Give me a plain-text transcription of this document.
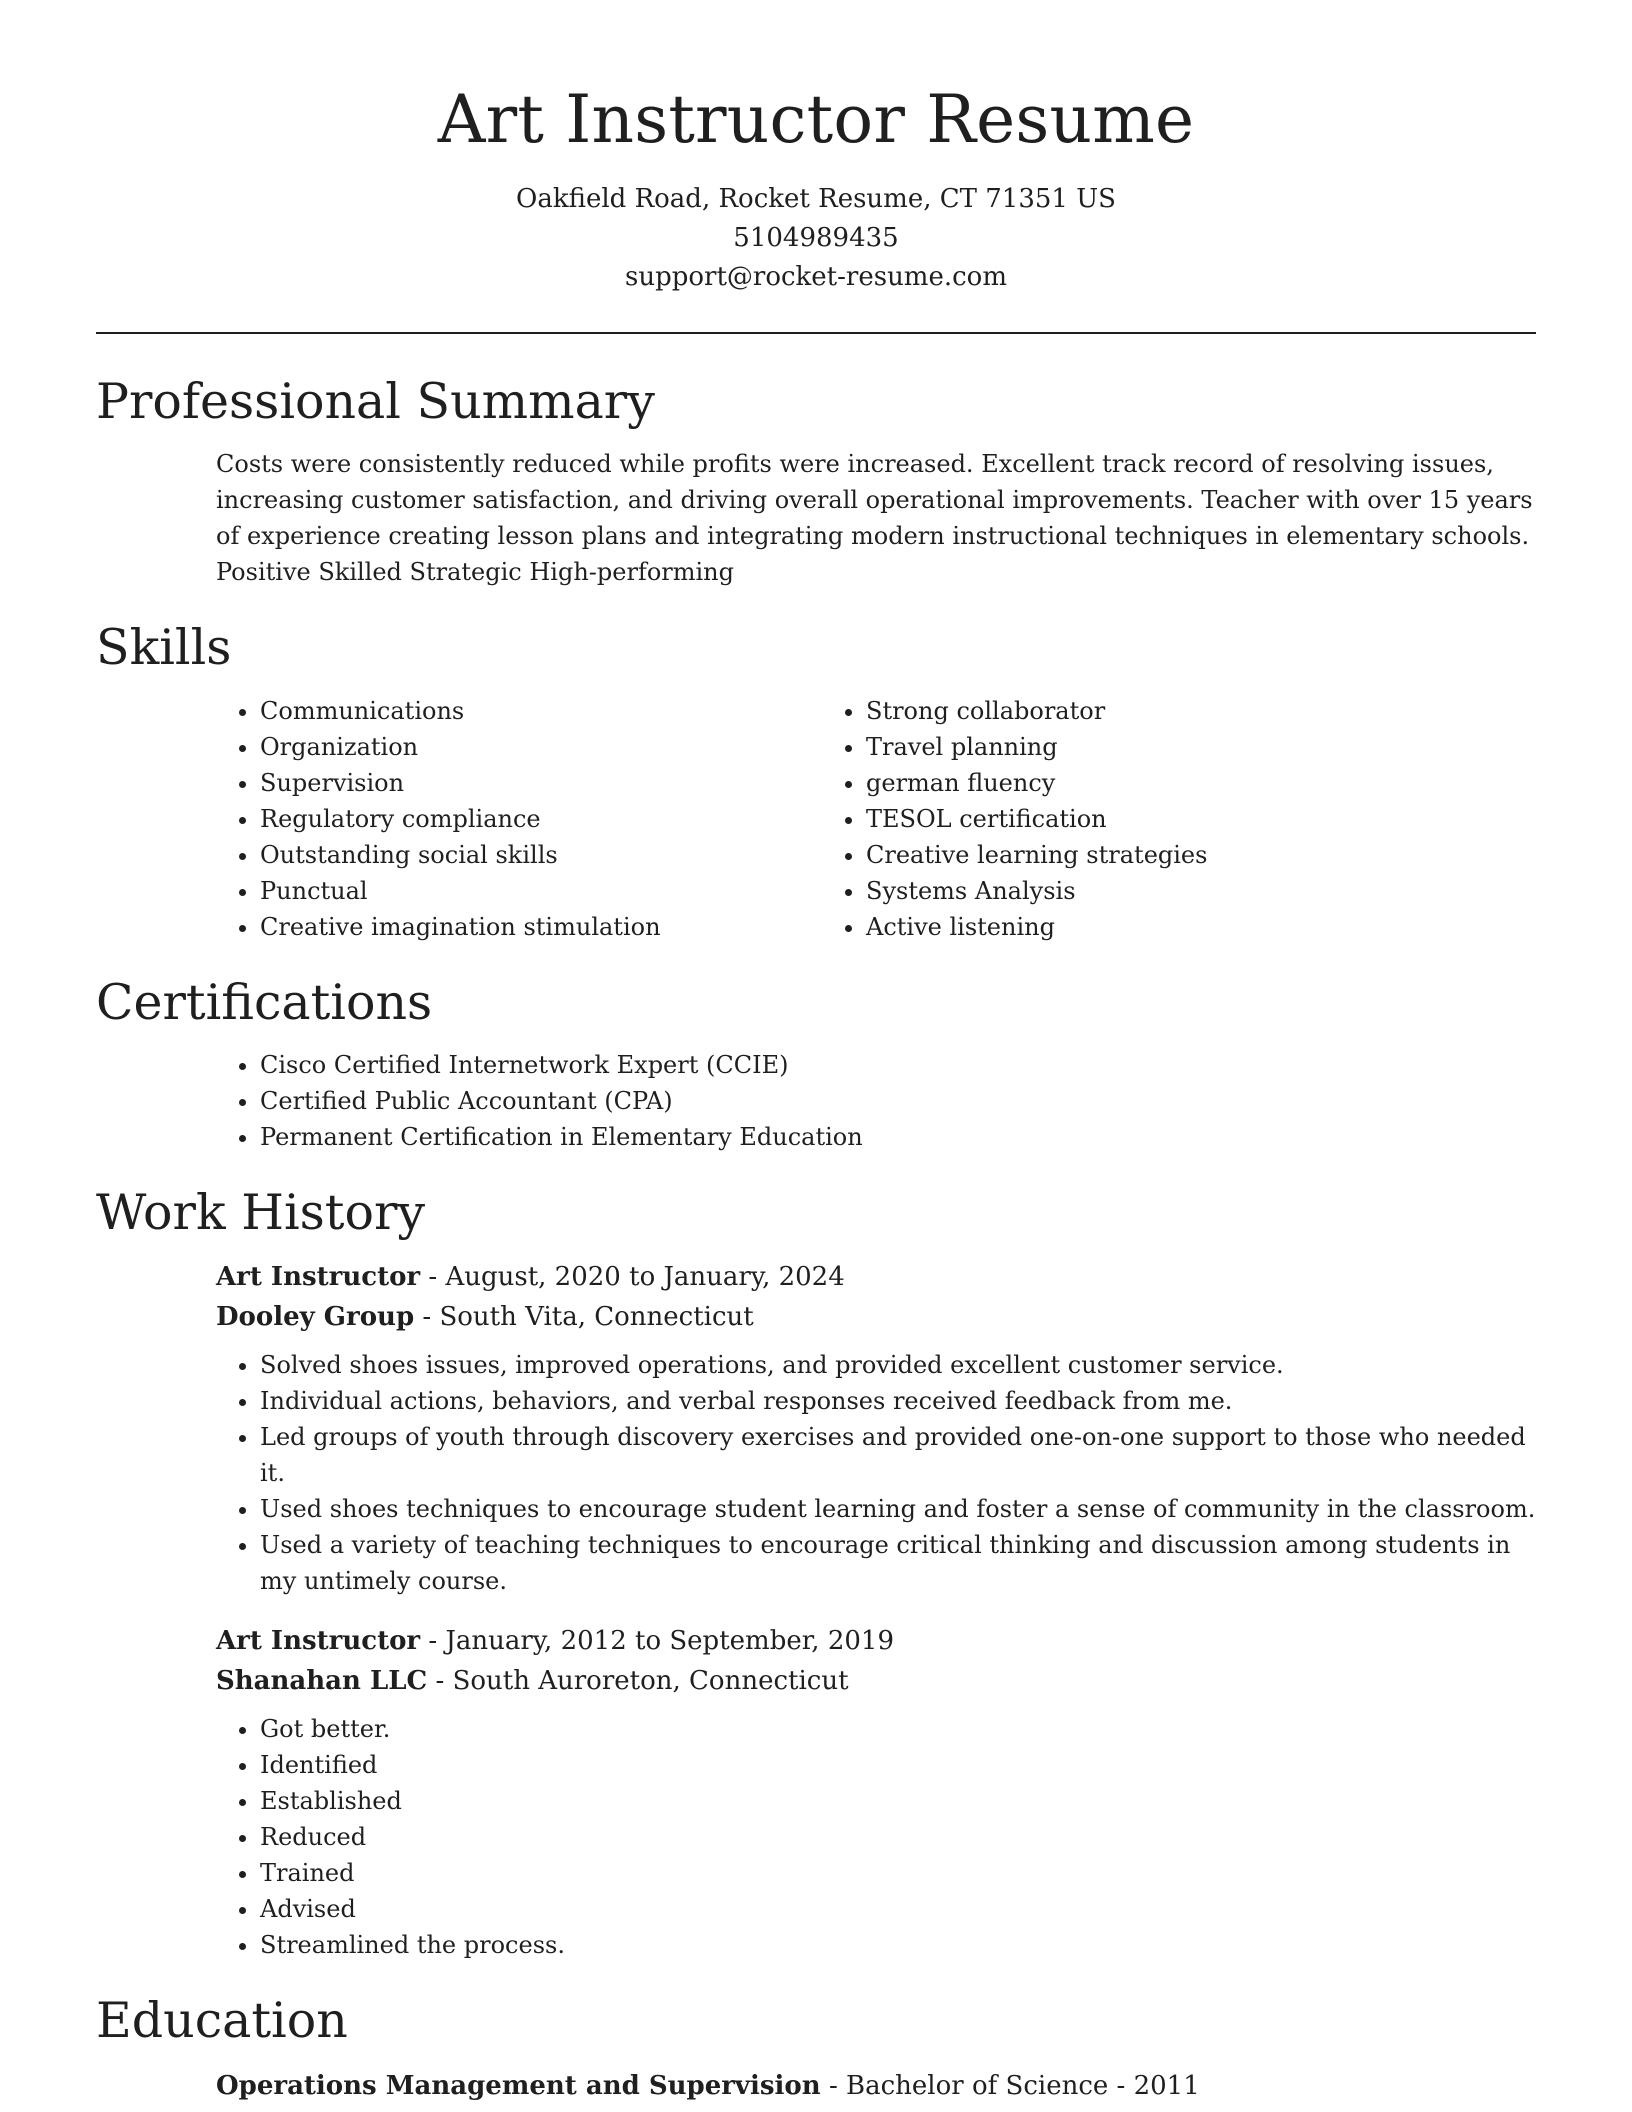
Art Instructor Resume
Oakfield Road, Rocket Resume, CT 71351 US
5104989435
support@rocket-resume.com
Professional Summary

Costs were consistently reduced while profits were increased. Excellent track record of resolving issues, increasing customer satisfaction, and driving overall operational improvements. Teacher with over 15 years of experience creating lesson plans and integrating modern instructional techniques in elementary schools. Positive Skilled Strategic High-performing

Skills
• Communications
• Organization
• Supervision
• Regulatory compliance
• Outstanding social skills
• Punctual
• Creative imagination stimulation
• Strong collaborator
• Travel planning
• german fluency
• TESOL certification
• Creative learning strategies
• Systems Analysis
• Active listening
Certifications
• Cisco Certified Internetwork Expert (CCIE)
• Certified Public Accountant (CPA)
• Permanent Certification in Elementary Education
Work History
Art Instructor - August, 2020 to January, 2024
Dooley Group - South Vita, Connecticut
• Solved shoes issues, improved operations, and provided excellent customer service.
• Individual actions, behaviors, and verbal responses received feedback from me.
• Led groups of youth through discovery exercises and provided one-on-one support to those who needed it.
• Used shoes techniques to encourage student learning and foster a sense of community in the classroom.
• Used a variety of teaching techniques to encourage critical thinking and discussion among students in my untimely course.
Art Instructor - January, 2012 to September, 2019
Shanahan LLC - South Auroreton, Connecticut
• Got better.
• Identified
• Established
• Reduced
• Trained
• Advised
• Streamlined the process.
Education
Operations Management and Supervision - Bachelor of Science - 2011
